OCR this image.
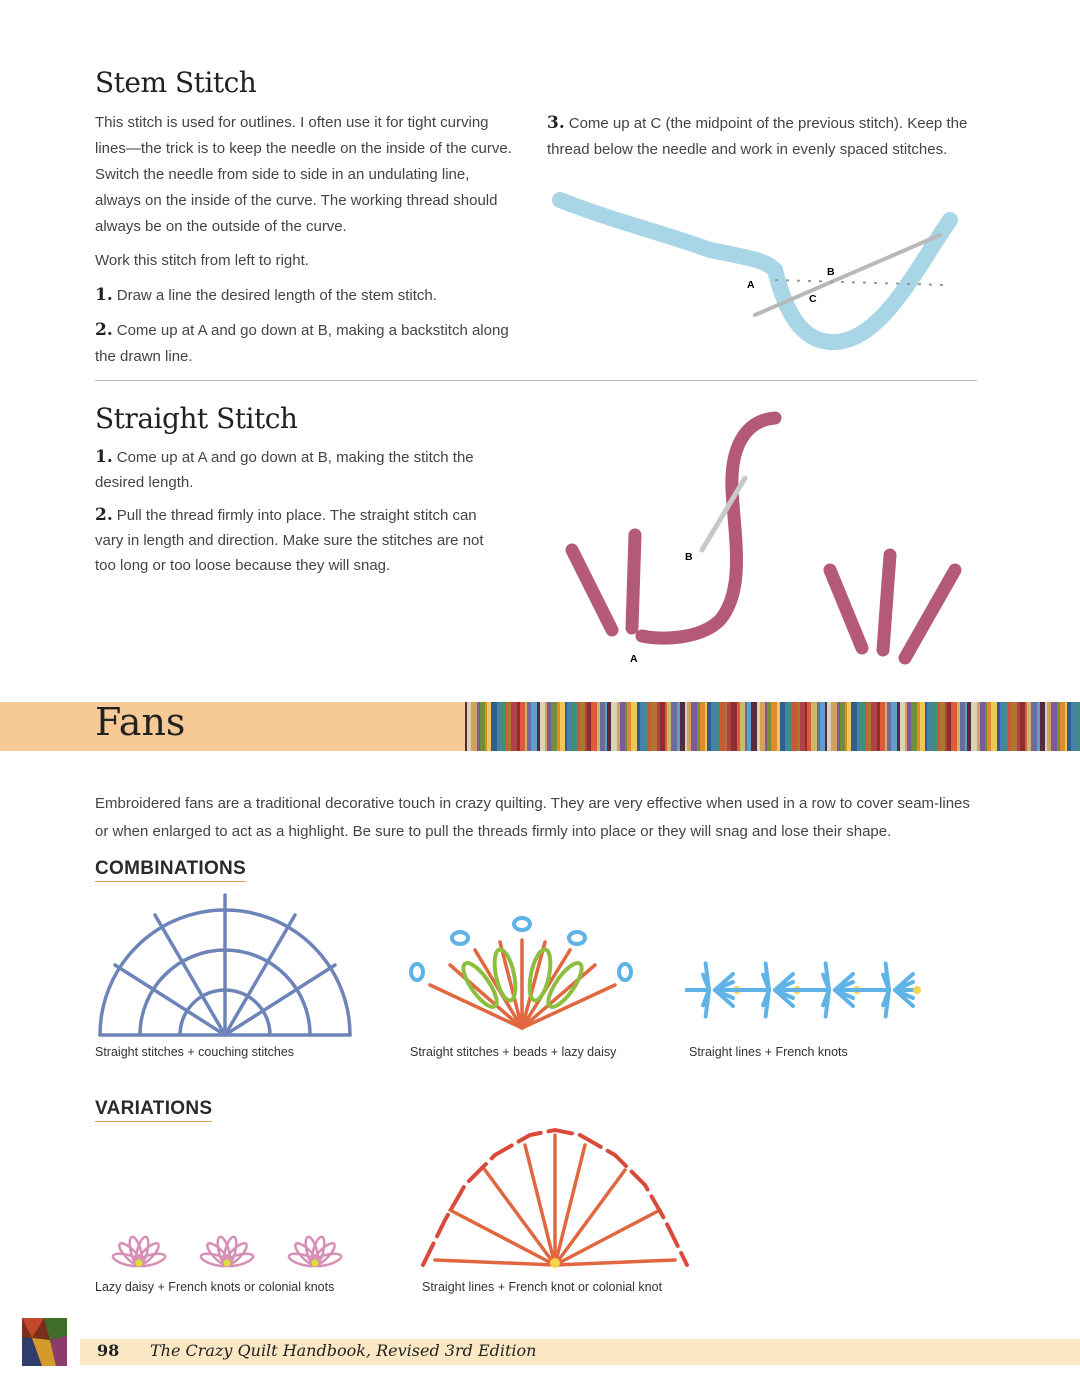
Stem Stitch

This stitch is used for outlines. I often use it for tight curving lines—the trick is to keep the needle on the inside of the curve. Switch the needle from side to side in an undulating line, always on the inside of the curve. The working thread should always be on the outside of the curve.

Work this stitch from left to right.

1. Draw a line the desired length of the stem stitch.

2. Come up at A and go down at B, making a backstitch along the drawn line.

3. Come up at C (the midpoint of the previous stitch). Keep the thread below the needle and work in evenly spaced stitches.
A
B
C
Straight Stitch

1. Come up at A and go down at B, making the stitch the desired length.

2. Pull the thread firmly into place. The straight stitch can vary in length and direction. Make sure the stitches are not too long or too loose because they will snag.	B
A
Fans
Embroidered fans are a traditional decorative touch in crazy quilting. They are very effective when used in a row to cover seam-lines or when enlarged to act as a highlight. Be sure to pull the threads firmly into place or they will snag and lose their shape.
COMBINATIONS
Straight stitches + couching stitches	Straight stitches + beads + lazy daisy	Straight lines + French knots
VARIATIONS
Lazy daisy + French knots or colonial knots	Straight lines + French knot or colonial knot
98 The Crazy Quilt Handbook, Revised 3rd Edition
